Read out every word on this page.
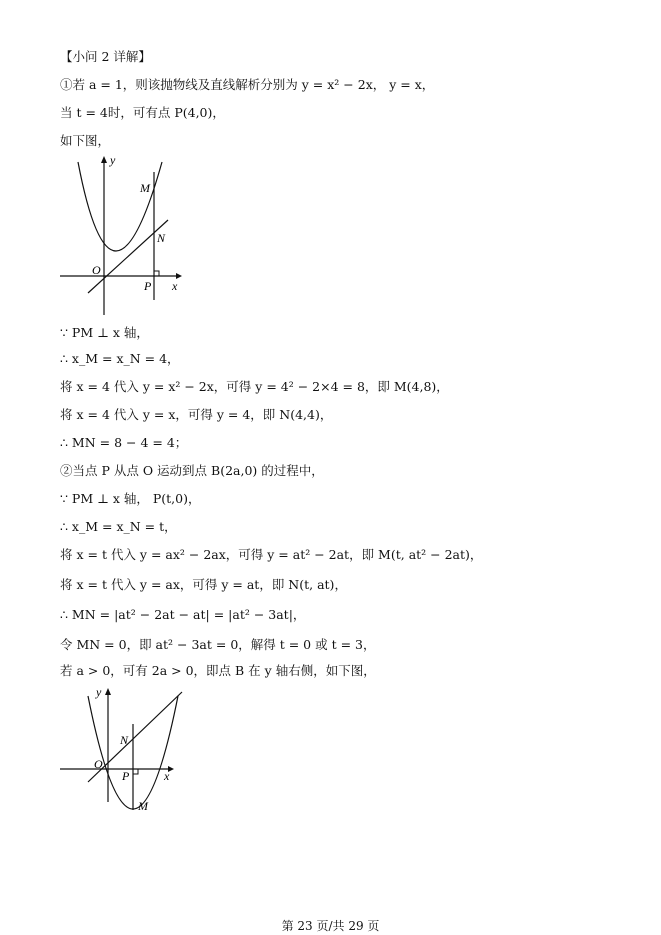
【小问 2 详解】
①若 a = 1，则该抛物线及直线解析分别为 y = x² − 2x， y = x，
当 t = 4时，可有点 P(4,0)，
如下图，
y
x
O
M
N
P
∵ PM ⊥ x 轴，
∴ x_M = x_N = 4，
将 x = 4 代入 y = x² − 2x，可得 y = 4² − 2×4 = 8，即 M(4,8)，
将 x = 4 代入 y = x，可得 y = 4，即 N(4,4)，
∴ MN = 8 − 4 = 4；
②当点 P 从点 O 运动到点 B(2a,0) 的过程中，
∵ PM ⊥ x 轴， P(t,0)，
∴ x_M = x_N = t，
将 x = t 代入 y = ax² − 2ax，可得 y = at² − 2at，即 M(t, at² − 2at)，
将 x = t 代入 y = ax，可得 y = at，即 N(t, at)，
∴ MN = |at² − 2at − at| = |at² − 3at|，
令 MN = 0，即 at² − 3at = 0，解得 t = 0 或 t = 3，
若 a > 0，可有 2a > 0，即点 B 在 y 轴右侧，如下图，
y
x
O
N
P
M
第 23 页/共 29 页
